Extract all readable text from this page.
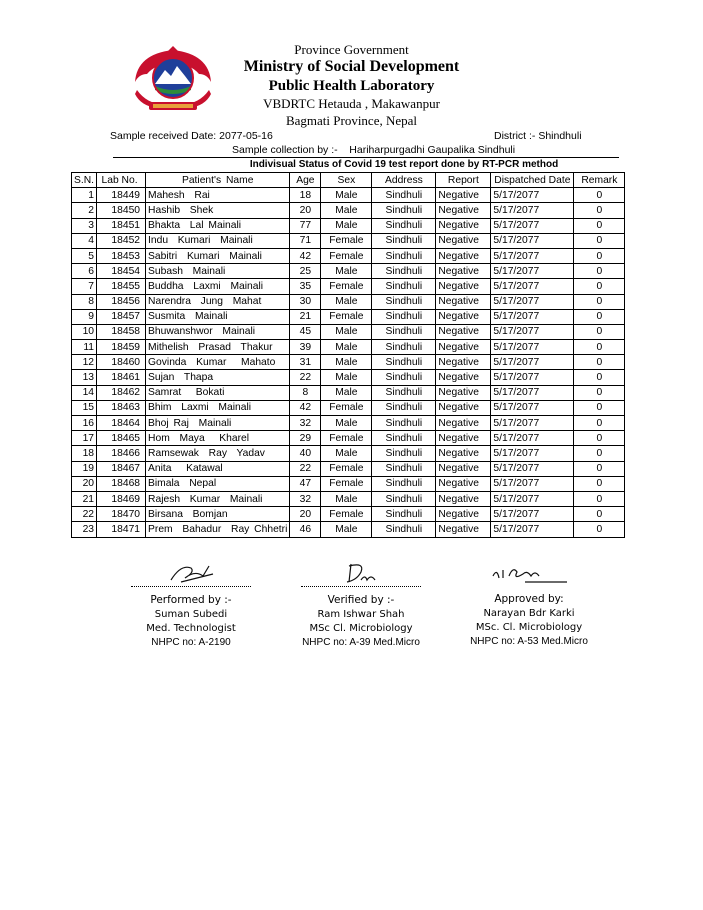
Province Government
Ministry of Social Development
Public Health Laboratory
VBDRTC Hetauda , Makawanpur
Bagmati Province, Nepal
Sample received Date: 2077-05-16	District :- Shindhuli
Sample collection by :-    Hariharpurgadhi Gaupalika Sindhuli
Indivisual Status of Covid 19 test report done by RT-PCR method
S.N.	Lab No.	Patient's Name	Age	Sex	Address	Report	Dispatched Date	Remark
1	18449	Mahesh  Rai	18	Male	Sindhuli	Negative	5/17/2077	0
2	18450	Hashib  Shek	20	Male	Sindhuli	Negative	5/17/2077	0
3	18451	Bhakta  Lal Mainali	77	Male	Sindhuli	Negative	5/17/2077	0
4	18452	Indu  Kumari  Mainali	71	Female	Sindhuli	Negative	5/17/2077	0
5	18453	Sabitri  Kumari  Mainali	42	Female	Sindhuli	Negative	5/17/2077	0
6	18454	Subash  Mainali	25	Male	Sindhuli	Negative	5/17/2077	0
7	18455	Buddha  Laxmi  Mainali	35	Female	Sindhuli	Negative	5/17/2077	0
8	18456	Narendra  Jung  Mahat	30	Male	Sindhuli	Negative	5/17/2077	0
9	18457	Susmita  Mainali	21	Female	Sindhuli	Negative	5/17/2077	0
10	18458	Bhuwanshwor  Mainali	45	Male	Sindhuli	Negative	5/17/2077	0
11	18459	Mithelish  Prasad  Thakur	39	Male	Sindhuli	Negative	5/17/2077	0
12	18460	Govinda  Kumar   Mahato	31	Male	Sindhuli	Negative	5/17/2077	0
13	18461	Sujan  Thapa	22	Male	Sindhuli	Negative	5/17/2077	0
14	18462	Samrat   Bokati	8	Male	Sindhuli	Negative	5/17/2077	0
15	18463	Bhim  Laxmi  Mainali	42	Female	Sindhuli	Negative	5/17/2077	0
16	18464	Bhoj Raj  Mainali	32	Male	Sindhuli	Negative	5/17/2077	0
17	18465	Hom  Maya   Kharel	29	Female	Sindhuli	Negative	5/17/2077	0
18	18466	Ramsewak  Ray  Yadav	40	Male	Sindhuli	Negative	5/17/2077	0
19	18467	Anita   Katawal	22	Female	Sindhuli	Negative	5/17/2077	0
20	18468	Bimala  Nepal	47	Female	Sindhuli	Negative	5/17/2077	0
21	18469	Rajesh  Kumar  Mainali	32	Male	Sindhuli	Negative	5/17/2077	0
22	18470	Birsana  Bomjan	20	Female	Sindhuli	Negative	5/17/2077	0
23	18471	Prem  Bahadur  Ray Chhetri	46	Male	Sindhuli	Negative	5/17/2077	0
Performed by :-
Suman Subedi
Med. Technologist
NHPC no: A-2190
Verified by :-
Ram Ishwar Shah
MSc Cl. Microbiology
NHPC no: A-39 Med.Micro
Approved by:
Narayan Bdr Karki
MSc. Cl. Microbiology
NHPC no: A-53 Med.Micro
